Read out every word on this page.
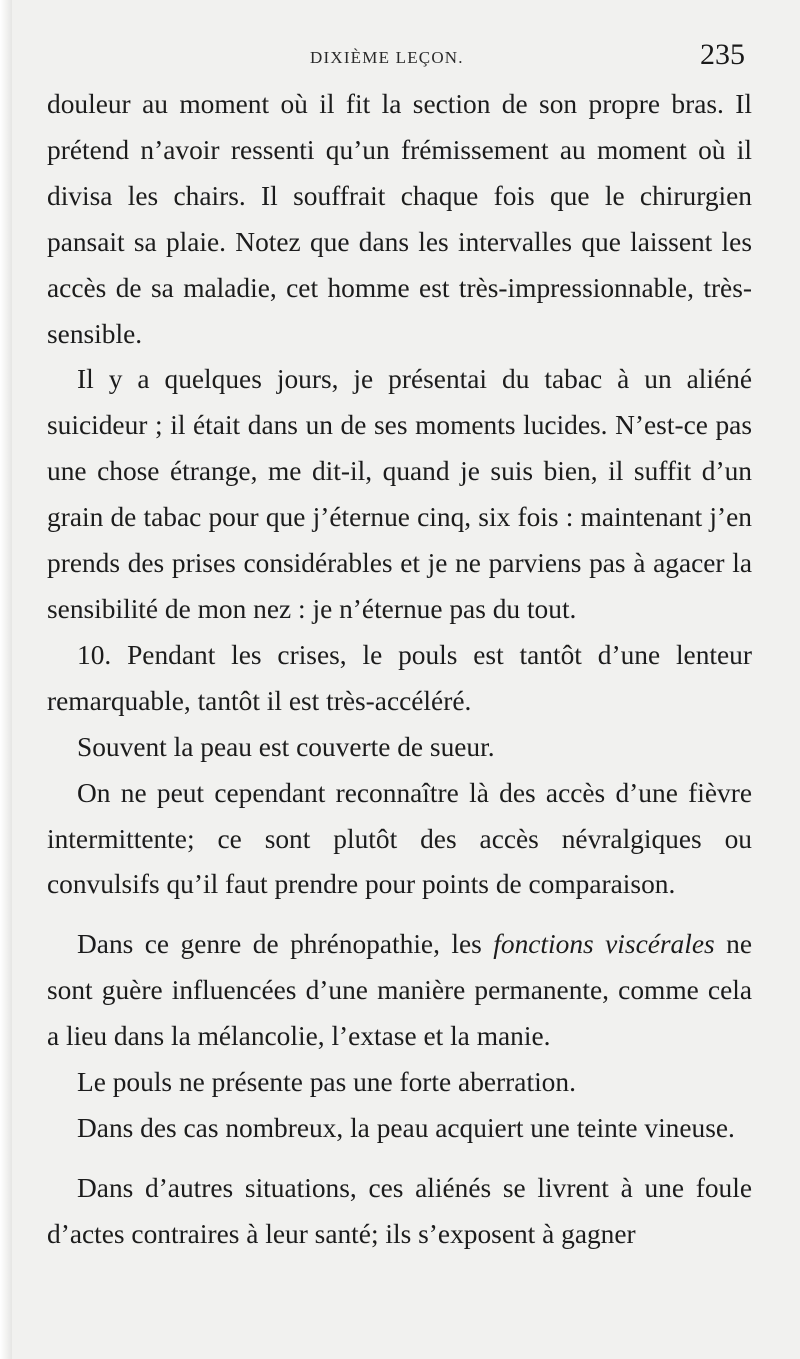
DIXIÈME LEÇON.	235

douleur au moment où il fit la section de son propre bras. Il prétend n’avoir ressenti qu’un frémissement au moment où il divisa les chairs. Il souffrait chaque fois que le chirurgien pansait sa plaie. Notez que dans les intervalles que laissent les accès de sa maladie, cet homme est très-impressionnable, très-sensible.

Il y a quelques jours, je présentai du tabac à un aliéné suicideur ; il était dans un de ses moments lucides. N’est-ce pas une chose étrange, me dit-il, quand je suis bien, il suffit d’un grain de tabac pour que j’éternue cinq, six fois : maintenant j’en prends des prises considérables et je ne parviens pas à agacer la sensibilité de mon nez : je n’éternue pas du tout.

10. Pendant les crises, le pouls est tantôt d’une lenteur remarquable, tantôt il est très-accéléré.

Souvent la peau est couverte de sueur.

On ne peut cependant reconnaître là des accès d’une fièvre intermittente; ce sont plutôt des accès névralgiques ou convulsifs qu’il faut prendre pour points de comparaison.

Dans ce genre de phrénopathie, les fonctions viscérales ne sont guère influencées d’une manière permanente, comme cela a lieu dans la mélancolie, l’extase et la manie.

Le pouls ne présente pas une forte aberration.

Dans des cas nombreux, la peau acquiert une teinte vineuse.

Dans d’autres situations, ces aliénés se livrent à une foule d’actes contraires à leur santé; ils s’exposent à gagner
